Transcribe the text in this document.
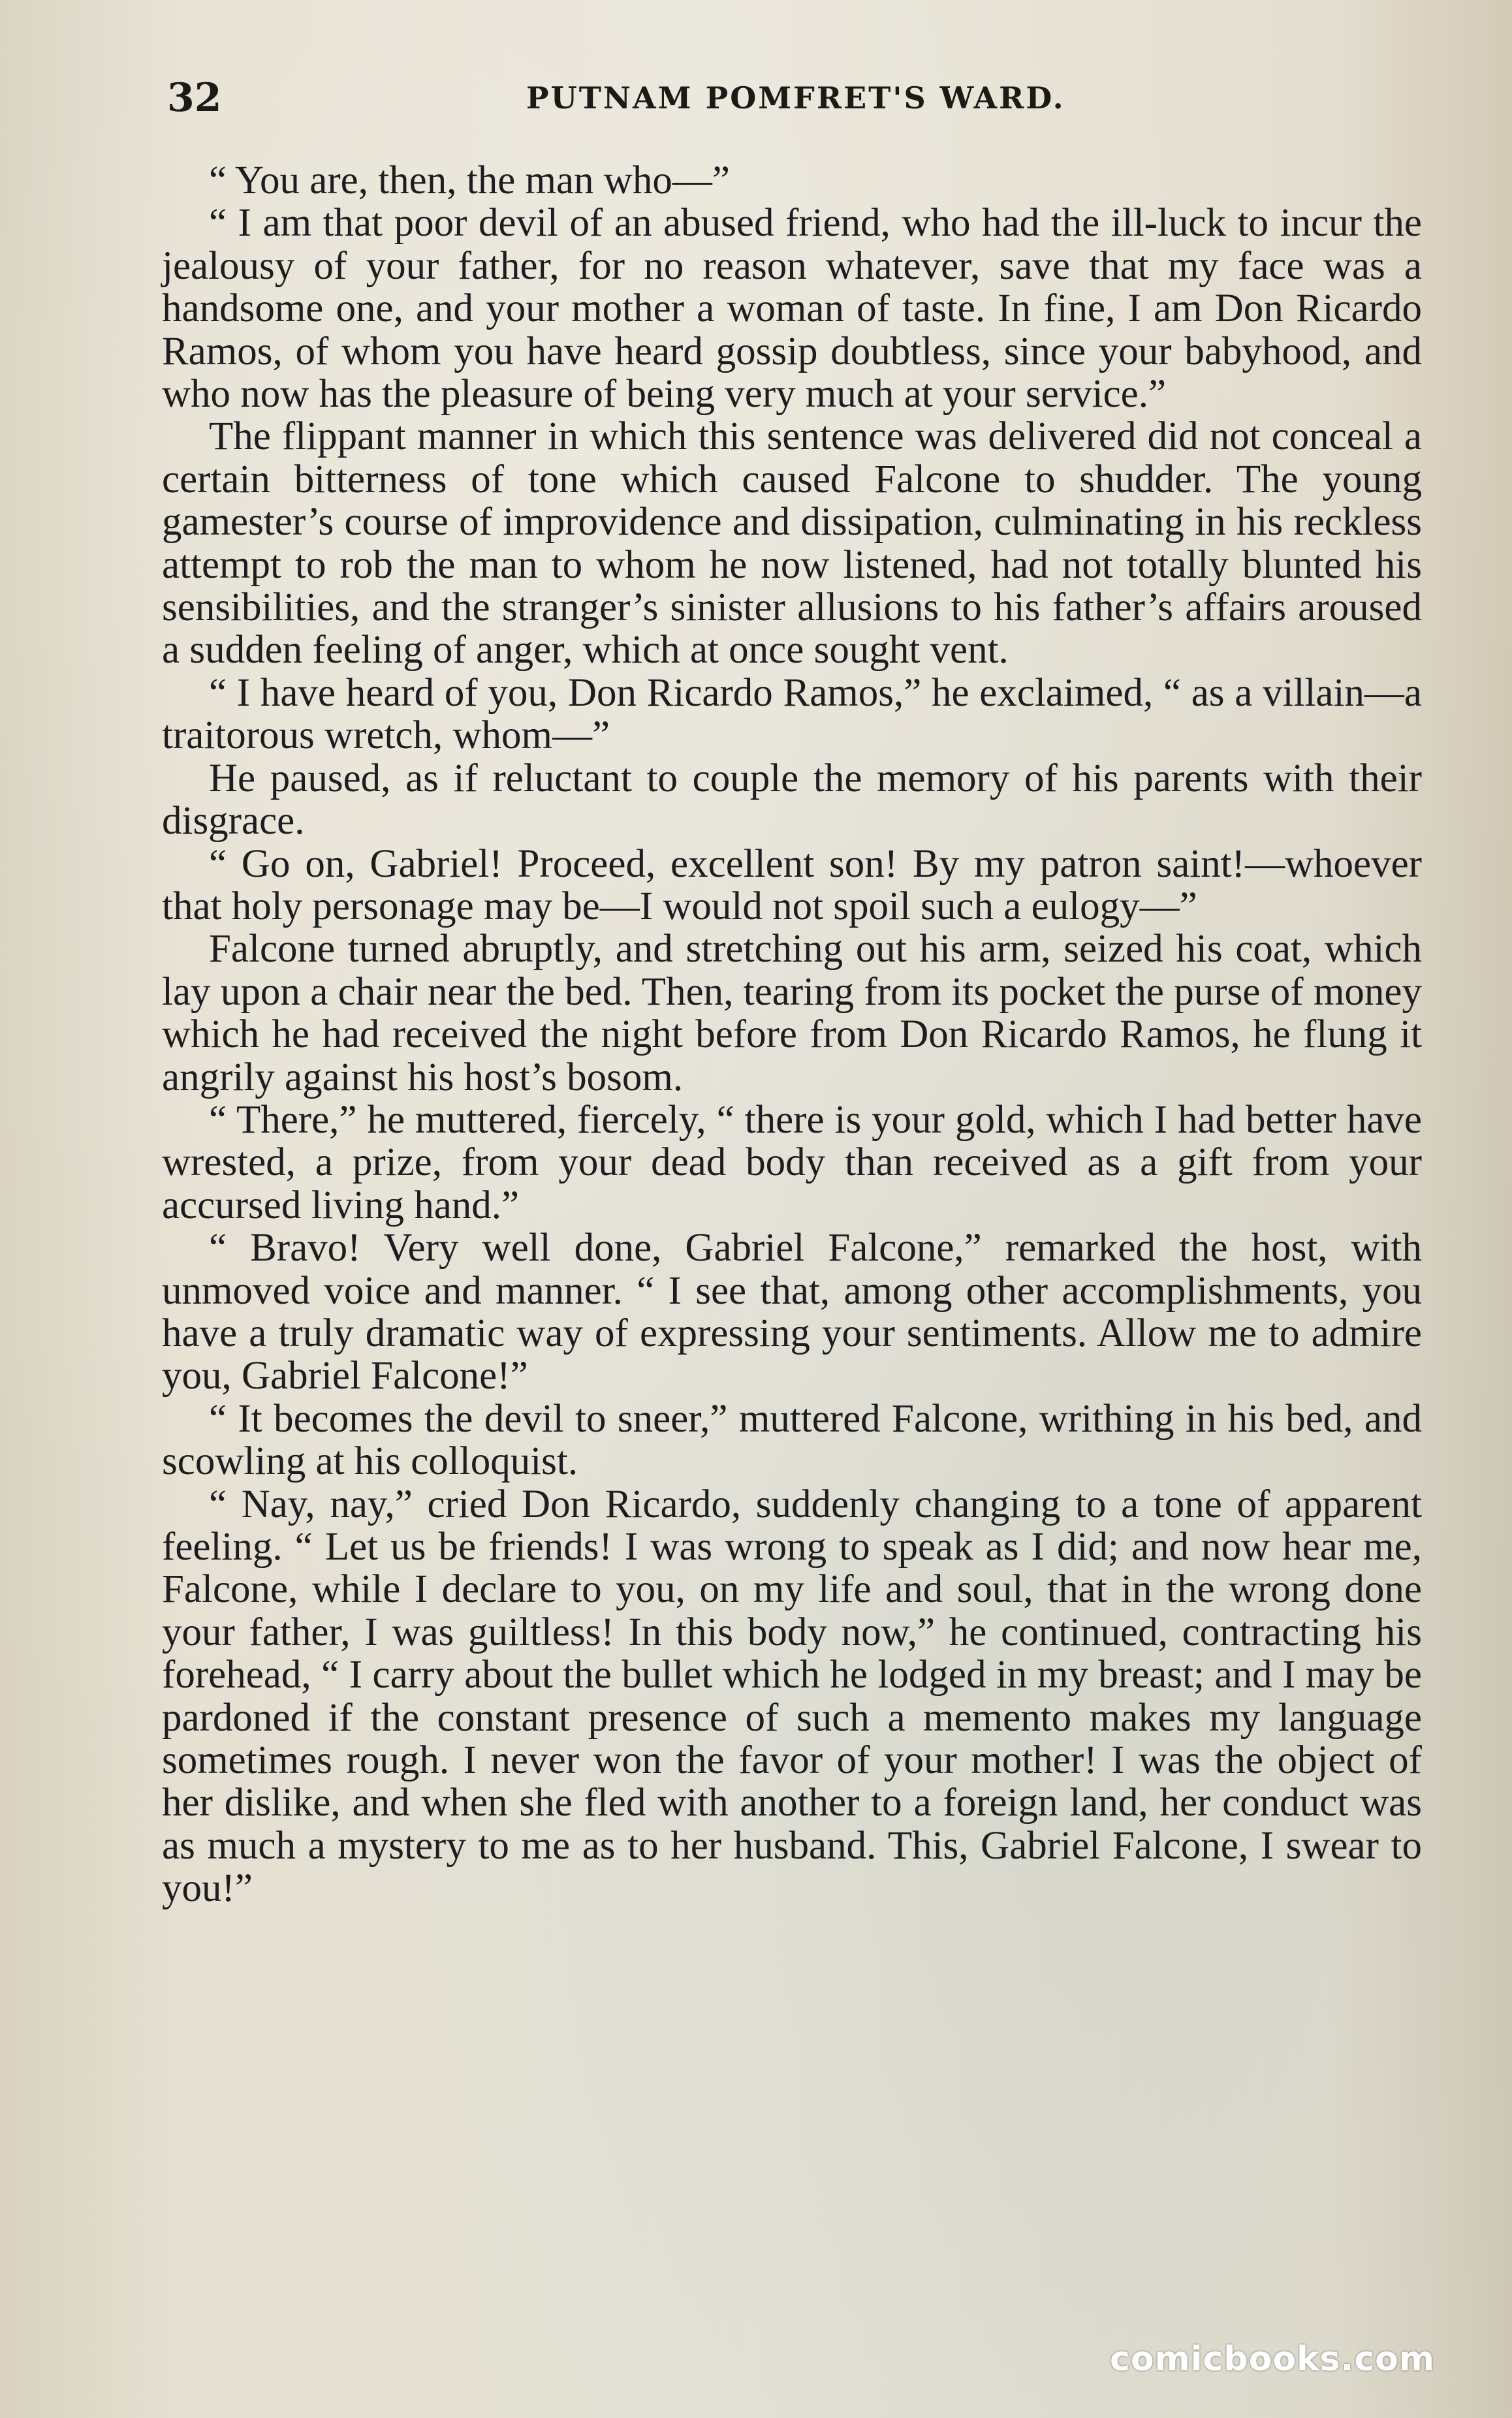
32	PUTNAM POMFRET'S WARD.

“ You are, then, the man who—”

“ I am that poor devil of an abused friend, who had the ill-luck to incur the jealousy of your father, for no reason whatever, save that my face was a handsome one, and your mother a woman of taste. In fine, I am Don Ricardo Ramos, of whom you have heard gossip doubtless, since your babyhood, and who now has the pleasure of being very much at your service.”

The flippant manner in which this sentence was delivered did not conceal a certain bitterness of tone which caused Falcone to shudder. The young gamester’s course of improvidence and dissipation, culminating in his reckless attempt to rob the man to whom he now listened, had not totally blunted his sensibilities, and the stranger’s sinister allusions to his father’s affairs aroused a sudden feeling of anger, which at once sought vent.

“ I have heard of you, Don Ricardo Ramos,” he exclaimed, “ as a villain—a traitorous wretch, whom—”

He paused, as if reluctant to couple the memory of his parents with their disgrace.

“ Go on, Gabriel! Proceed, excellent son! By my patron saint!—whoever that holy personage may be—I would not spoil such a eulogy—”

Falcone turned abruptly, and stretching out his arm, seized his coat, which lay upon a chair near the bed. Then, tearing from its pocket the purse of money which he had received the night before from Don Ricardo Ramos, he flung it angrily against his host’s bosom.

“ There,” he muttered, fiercely, “ there is your gold, which I had better have wrested, a prize, from your dead body than received as a gift from your accursed living hand.”

“ Bravo! Very well done, Gabriel Falcone,” remarked the host, with unmoved voice and manner. “ I see that, among other accomplishments, you have a truly dramatic way of expressing your sentiments. Allow me to admire you, Gabriel Falcone!”

“ It becomes the devil to sneer,” muttered Falcone, writhing in his bed, and scowling at his colloquist.

“ Nay, nay,” cried Don Ricardo, suddenly changing to a tone of apparent feeling. “ Let us be friends! I was wrong to speak as I did; and now hear me, Falcone, while I declare to you, on my life and soul, that in the wrong done your father, I was guiltless! In this body now,” he continued, contracting his forehead, “ I carry about the bullet which he lodged in my breast; and I may be pardoned if the constant presence of such a memento makes my language sometimes rough. I never won the favor of your mother! I was the object of her dislike, and when she fled with another to a foreign land, her conduct was as much a mystery to me as to her husband. This, Gabriel Falcone, I swear to you!”

comicbooks.com
